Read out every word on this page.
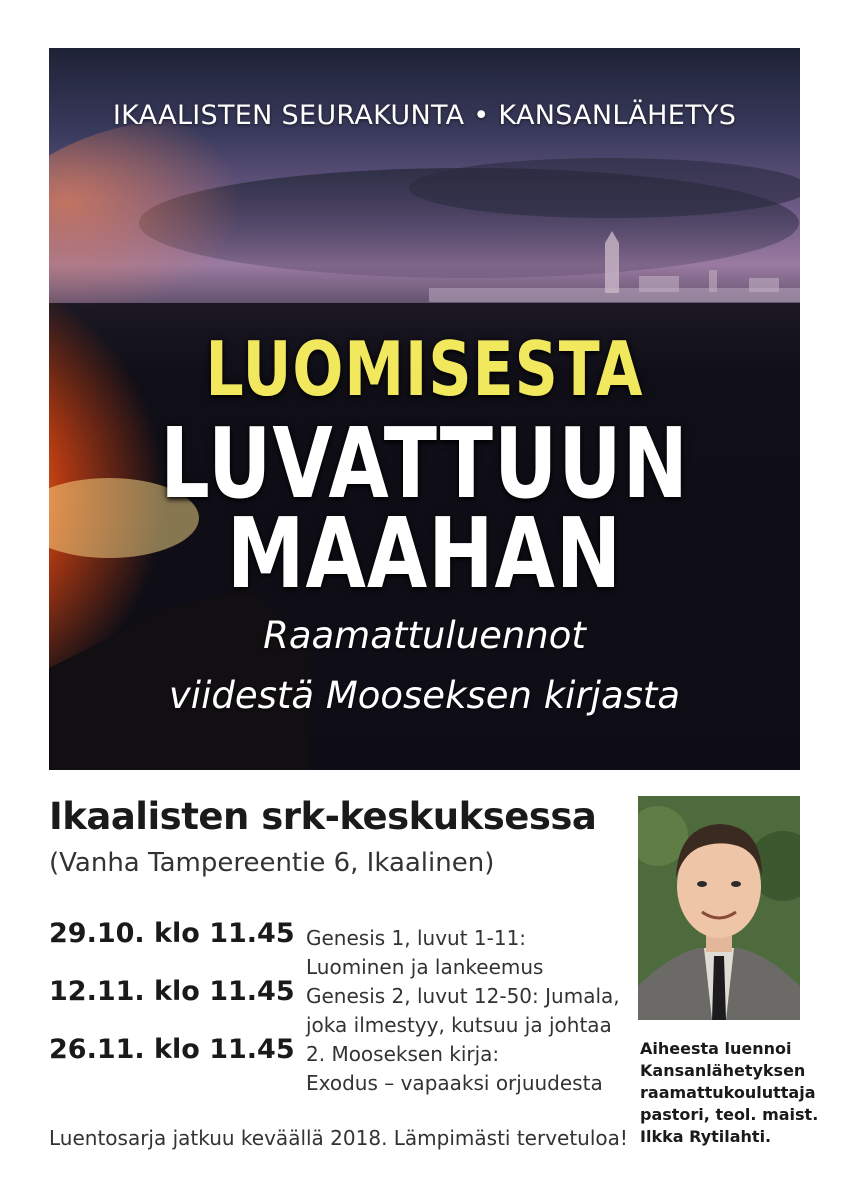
IKAALISTEN SEURAKUNTA • KANSANLÄHETYS
LUOMISESTA
LUVATTUUN
MAAHAN
Raamattuluennot
viidestä Mooseksen kirjasta
Ikaalisten srk-keskuksessa
(Vanha Tampereentie 6, Ikaalinen)
29.10. klo 11.45 Genesis 1, luvut 1-11:
Luominen ja lankeemus
12.11. klo 11.45 Genesis 2, luvut 12-50: Jumala,
joka ilmestyy, kutsuu ja johtaa
26.11. klo 11.45 2. Mooseksen kirja:
Exodus – vapaaksi orjuudesta
Luentosarja jatkuu keväällä 2018. Lämpimästi tervetuloa!
Aiheesta luennoi
Kansanlähetyksen
raamattukouluttaja
pastori, teol. maist.
Ilkka Rytilahti.
